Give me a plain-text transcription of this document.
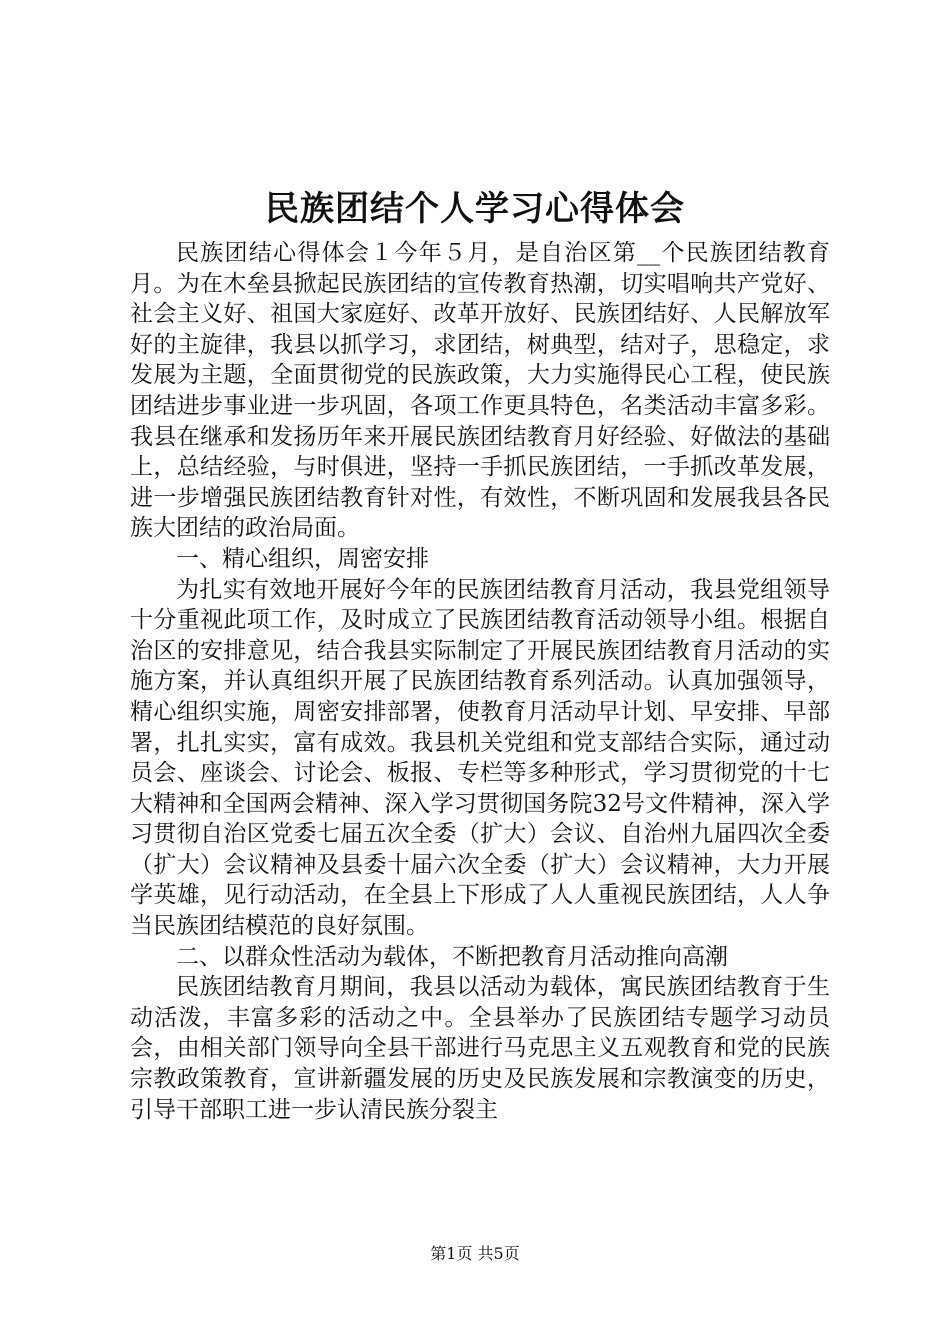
民族团结个人学习心得体会

民族团结心得体会１今年５月，是自治区第__个民族团结教育月。为在木垒县掀起民族团结的宣传教育热潮，切实唱响共产党好、社会主义好、祖国大家庭好、改革开放好、民族团结好、人民解放军好的主旋律，我县以抓学习，求团结，树典型，结对子，思稳定，求发展为主题，全面贯彻党的民族政策，大力实施得民心工程，使民族团结进步事业进一步巩固，各项工作更具特色，名类活动丰富多彩。我县在继承和发扬历年来开展民族团结教育月好经验、好做法的基础上，总结经验，与时俱进，坚持一手抓民族团结，一手抓改革发展，进一步增强民族团结教育针对性，有效性，不断巩固和发展我县各民族大团结的政治局面。

一、精心组织，周密安排

为扎实有效地开展好今年的民族团结教育月活动，我县党组领导十分重视此项工作，及时成立了民族团结教育活动领导小组。根据自治区的安排意见，结合我县实际制定了开展民族团结教育月活动的实施方案，并认真组织开展了民族团结教育系列活动。认真加强领导，精心组织实施，周密安排部署，使教育月活动早计划、早安排、早部署，扎扎实实，富有成效。我县机关党组和党支部结合实际，通过动员会、座谈会、讨论会、板报、专栏等多种形式，学习贯彻党的十七大精神和全国两会精神、深入学习贯彻国务院32号文件精神，深入学习贯彻自治区党委七届五次全委（扩大）会议、自治州九届四次全委（扩大）会议精神及县委十届六次全委（扩大）会议精神，大力开展学英雄，见行动活动，在全县上下形成了人人重视民族团结，人人争当民族团结模范的良好氛围。

二、以群众性活动为载体，不断把教育月活动推向高潮

民族团结教育月期间，我县以活动为载体，寓民族团结教育于生动活泼，丰富多彩的活动之中。全县举办了民族团结专题学习动员会，由相关部门领导向全县干部进行马克思主义五观教育和党的民族宗教政策教育，宣讲新疆发展的历史及民族发展和宗教演变的历史，引导干部职工进一步认清民族分裂主

第1页 共5页
